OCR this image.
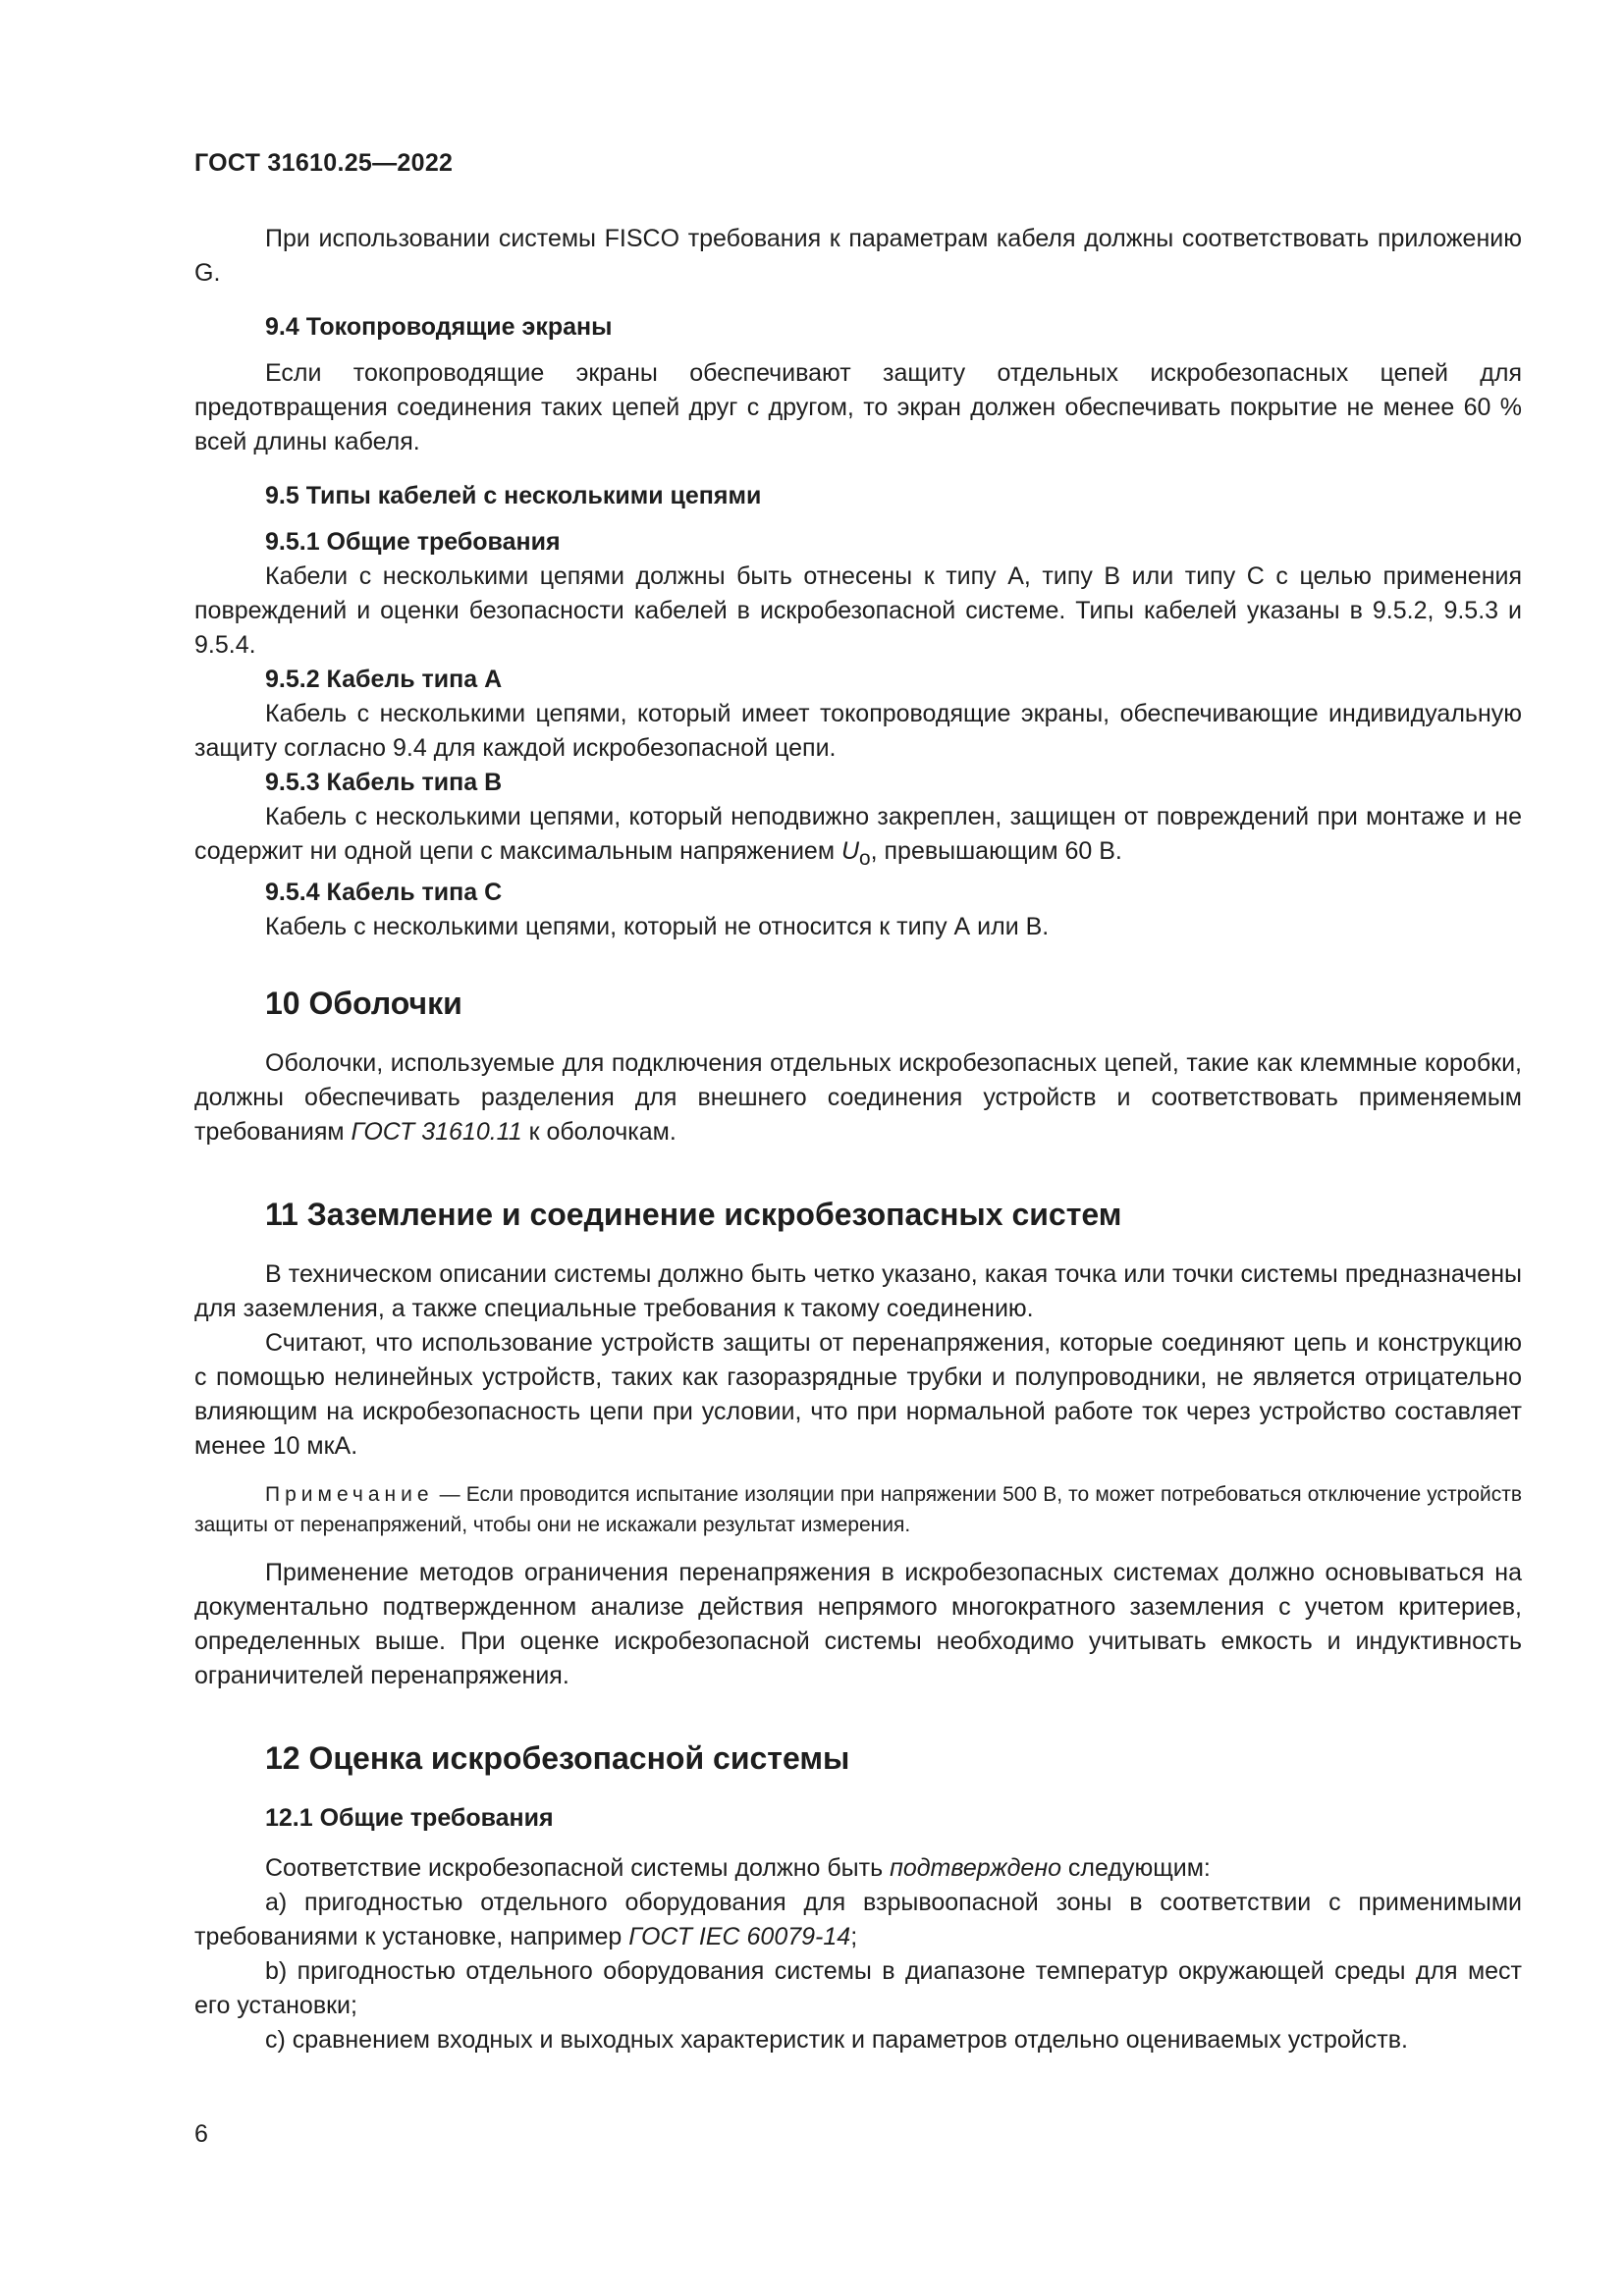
ГОСТ 31610.25—2022

При использовании системы FISCO требования к параметрам кабеля должны соответствовать приложению G.

9.4 Токопроводящие экраны

Если токопроводящие экраны обеспечивают защиту отдельных искробезопасных цепей для предотвращения соединения таких цепей друг с другом, то экран должен обеспечивать покрытие не менее 60 % всей длины кабеля.

9.5 Типы кабелей с несколькими цепями
9.5.1 Общие требования

Кабели с несколькими цепями должны быть отнесены к типу A, типу B или типу C с целью применения повреждений и оценки безопасности кабелей в искробезопасной системе. Типы кабелей указаны в 9.5.2, 9.5.3 и 9.5.4.

9.5.2 Кабель типа А

Кабель с несколькими цепями, который имеет токопроводящие экраны, обеспечивающие индивидуальную защиту согласно 9.4 для каждой искробезопасной цепи.

9.5.3 Кабель типа В

Кабель с несколькими цепями, который неподвижно закреплен, защищен от повреждений при монтаже и не содержит ни одной цепи с максимальным напряжением $U_o$, превышающим 60 В.

9.5.4 Кабель типа С

Кабель с несколькими цепями, который не относится к типу А или В.

10 Оболочки

Оболочки, используемые для подключения отдельных искробезопасных цепей, такие как клеммные коробки, должны обеспечивать разделения для внешнего соединения устройств и соответствовать применяемым требованиям ГОСТ 31610.11 к оболочкам.

11 Заземление и соединение искробезопасных систем

В техническом описании системы должно быть четко указано, какая точка или точки системы предназначены для заземления, а также специальные требования к такому соединению.

Считают, что использование устройств защиты от перенапряжения, которые соединяют цепь и конструкцию с помощью нелинейных устройств, таких как газоразрядные трубки и полупроводники, не является отрицательно влияющим на искробезопасность цепи при условии, что при нормальной работе ток через устройство составляет менее 10 мкА.

Примечание — Если проводится испытание изоляции при напряжении 500 В, то может потребоваться отключение устройств защиты от перенапряжений, чтобы они не искажали результат измерения.

Применение методов ограничения перенапряжения в искробезопасных системах должно основываться на документально подтвержденном анализе действия непрямого многократного заземления с учетом критериев, определенных выше. При оценке искробезопасной системы необходимо учитывать емкость и индуктивность ограничителей перенапряжения.

12 Оценка искробезопасной системы
12.1 Общие требования

Соответствие искробезопасной системы должно быть подтверждено следующим:

a) пригодностью отдельного оборудования для взрывоопасной зоны в соответствии с применимыми требованиями к установке, например ГОСТ IEC 60079-14;

b) пригодностью отдельного оборудования системы в диапазоне температур окружающей среды для мест его установки;

c) сравнением входных и выходных характеристик и параметров отдельно оцениваемых устройств.

6
